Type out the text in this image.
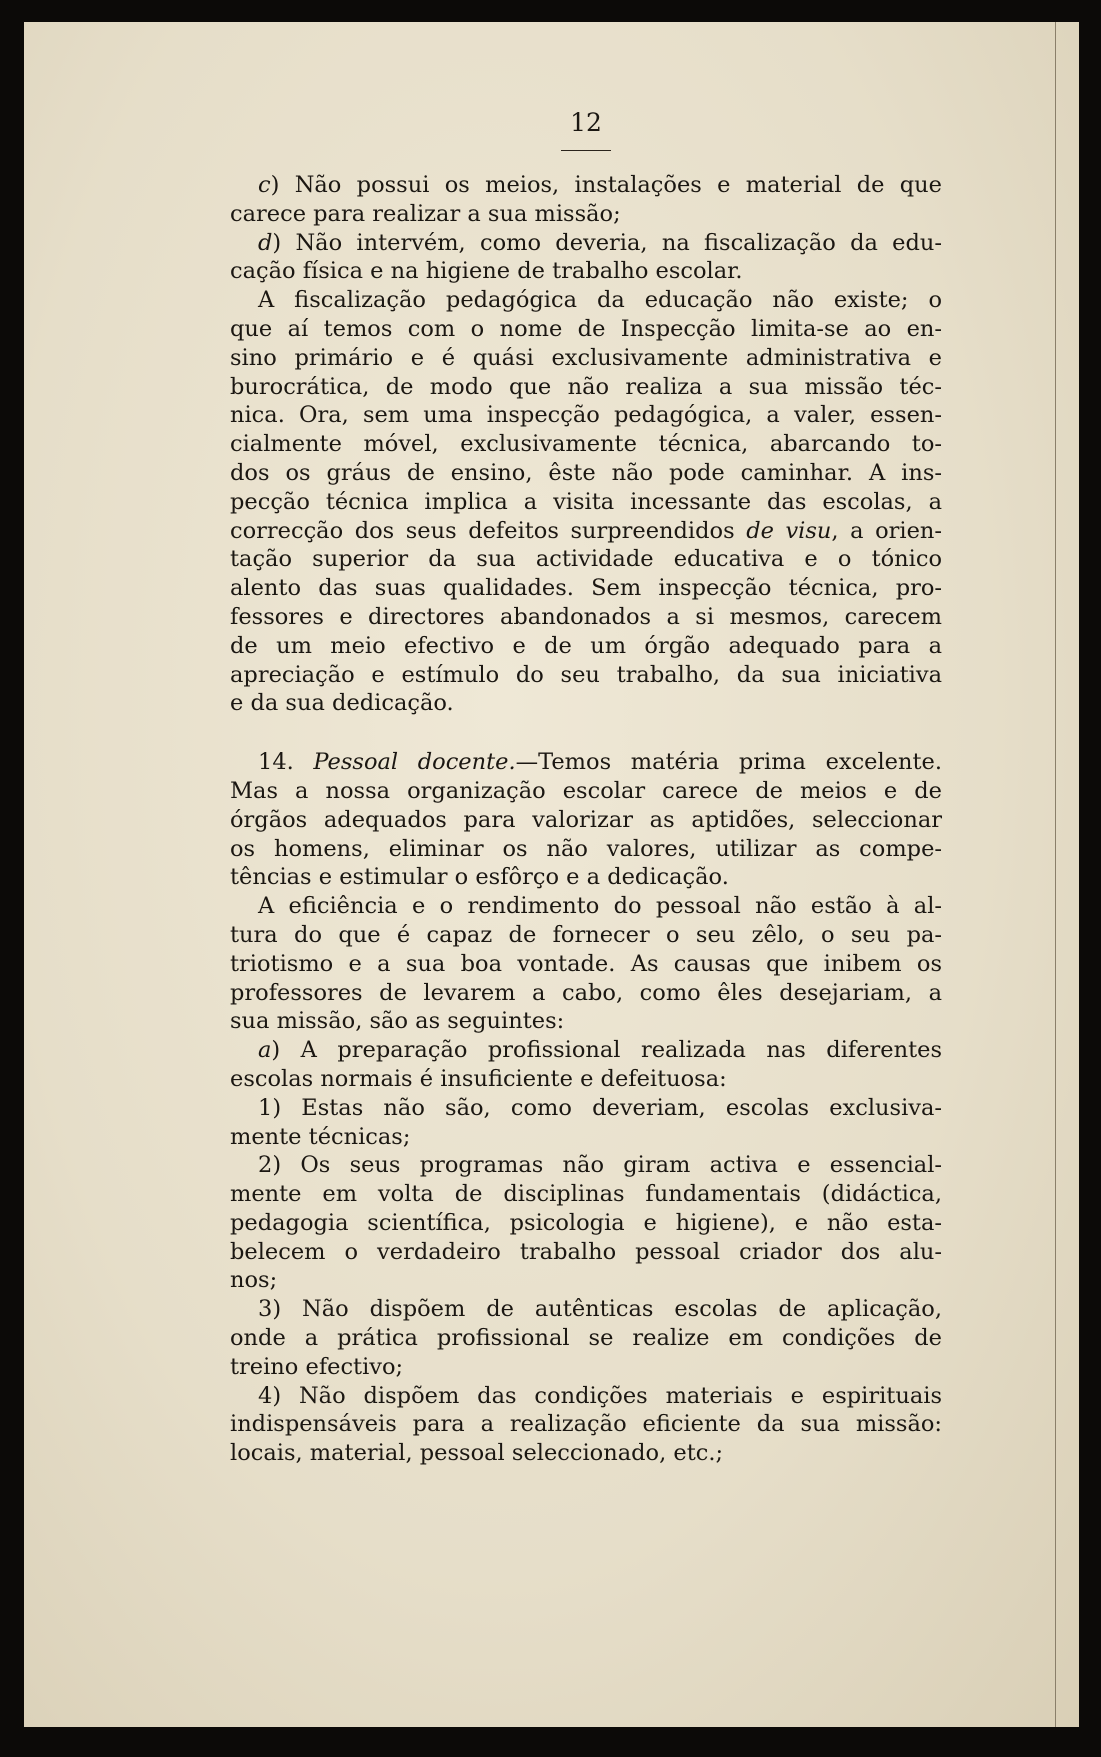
12
c) Não possui os meios, instalações e material de que
carece para realizar a sua missão;
d) Não intervém, como deveria, na fiscalização da edu-
cação física e na higiene de trabalho escolar.
A fiscalização pedagógica da educação não existe; o
que aí temos com o nome de Inspecção limita-se ao en-
sino primário e é quási exclusivamente administrativa e
burocrática, de modo que não realiza a sua missão téc-
nica. Ora, sem uma inspecção pedagógica, a valer, essen-
cialmente móvel, exclusivamente técnica, abarcando to-
dos os gráus de ensino, êste não pode caminhar. A ins-
pecção técnica implica a visita incessante das escolas, a
correcção dos seus defeitos surpreendidos de visu, a orien-
tação superior da sua actividade educativa e o tónico
alento das suas qualidades. Sem inspecção técnica, pro-
fessores e directores abandonados a si mesmos, carecem
de um meio efectivo e de um órgão adequado para a
apreciação e estímulo do seu trabalho, da sua iniciativa
e da sua dedicação.
14. Pessoal docente.—Temos matéria prima excelente.
Mas a nossa organização escolar carece de meios e de
órgãos adequados para valorizar as aptidões, seleccionar
os homens, eliminar os não valores, utilizar as compe-
tências e estimular o esfôrço e a dedicação.
A eficiência e o rendimento do pessoal não estão à al-
tura do que é capaz de fornecer o seu zêlo, o seu pa-
triotismo e a sua boa vontade. As causas que inibem os
professores de levarem a cabo, como êles desejariam, a
sua missão, são as seguintes:
a) A preparação profissional realizada nas diferentes
escolas normais é insuficiente e defeituosa:
1) Estas não são, como deveriam, escolas exclusiva-
mente técnicas;
2) Os seus programas não giram activa e essencial-
mente em volta de disciplinas fundamentais (didáctica,
pedagogia scientífica, psicologia e higiene), e não esta-
belecem o verdadeiro trabalho pessoal criador dos alu-
nos;
3) Não dispõem de autênticas escolas de aplicação,
onde a prática profissional se realize em condições de
treino efectivo;
4) Não dispõem das condições materiais e espirituais
indispensáveis para a realização eficiente da sua missão:
locais, material, pessoal seleccionado, etc.;
